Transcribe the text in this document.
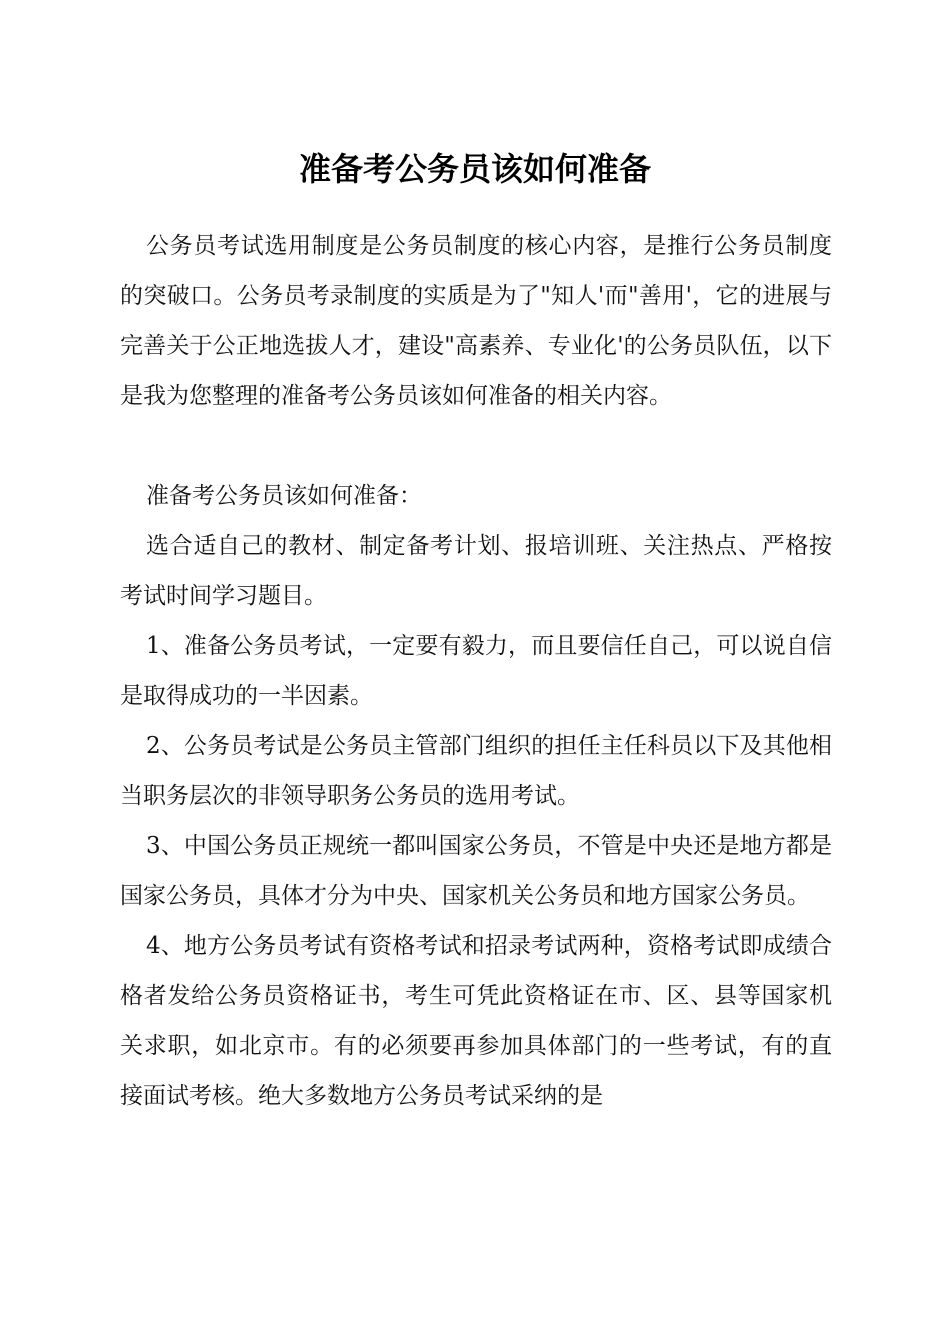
准备考公务员该如何准备

公务员考试选用制度是公务员制度的核心内容，是推行公务员制度的突破口。公务员考录制度的实质是为了"知人'而"善用'，它的进展与完善关于公正地选拔人才，建设"高素养、专业化'的公务员队伍，以下是我为您整理的准备考公务员该如何准备的相关内容。

准备考公务员该如何准备：

选合适自己的教材、制定备考计划、报培训班、关注热点、严格按考试时间学习题目。

1、准备公务员考试，一定要有毅力，而且要信任自己，可以说自信是取得成功的一半因素。

2、公务员考试是公务员主管部门组织的担任主任科员以下及其他相当职务层次的非领导职务公务员的选用考试。

3、中国公务员正规统一都叫国家公务员，不管是中央还是地方都是国家公务员，具体才分为中央、国家机关公务员和地方国家公务员。

4、地方公务员考试有资格考试和招录考试两种，资格考试即成绩合格者发给公务员资格证书，考生可凭此资格证在市、区、县等国家机关求职，如北京市。有的必须要再参加具体部门的一些考试，有的直接面试考核。绝大多数地方公务员考试采纳的是
